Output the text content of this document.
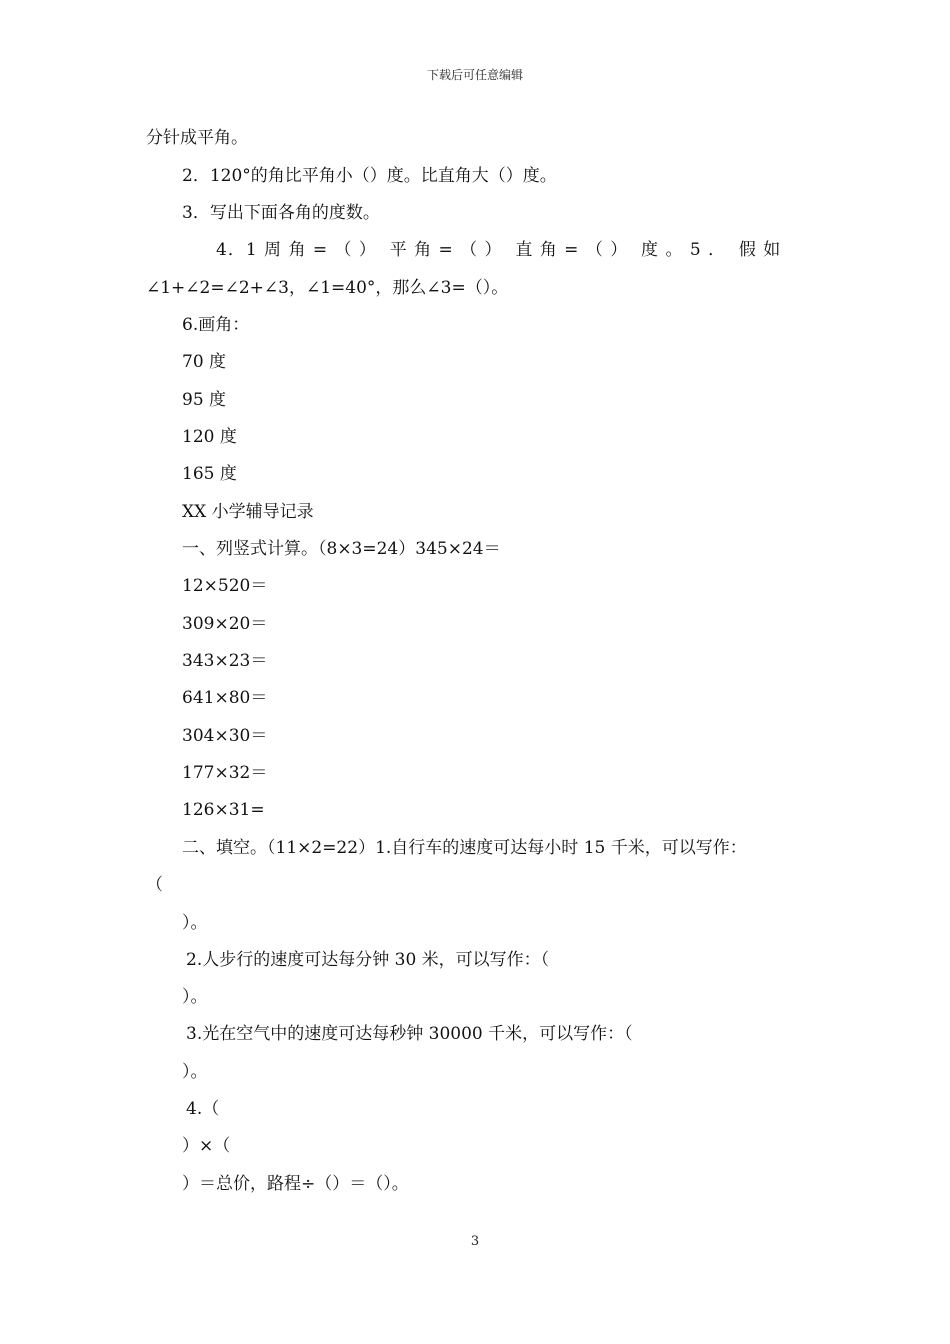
下载后可任意编辑
分针成平角。
2．120°的角比平角小（）度。比直角大（）度。
3．写出下面各角的度数。
4．1 周 角 = （ ）  平 角 = （ ）  直 角 = （ ）  度 。 5 ．  假 如
∠1+∠2=∠2+∠3，∠1=40°，那么∠3=（）。
6.画角：
70 度
95 度
120 度
165 度
XX 小学辅导记录
一、列竖式计算。（8×3=24）345×24＝
12×520＝
309×20＝
343×23＝
641×80＝
304×30＝
177×32＝
126×31=
二、填空。（11×2=22）1.自行车的速度可达每小时 15 千米，可以写作：
（
）。
2.人步行的速度可达每分钟 30 米，可以写作：（
）。
3.光在空气中的速度可达每秒钟 30000 千米，可以写作：（
）。
4.（
）×（
）＝总价，路程÷（）＝（）。
3
